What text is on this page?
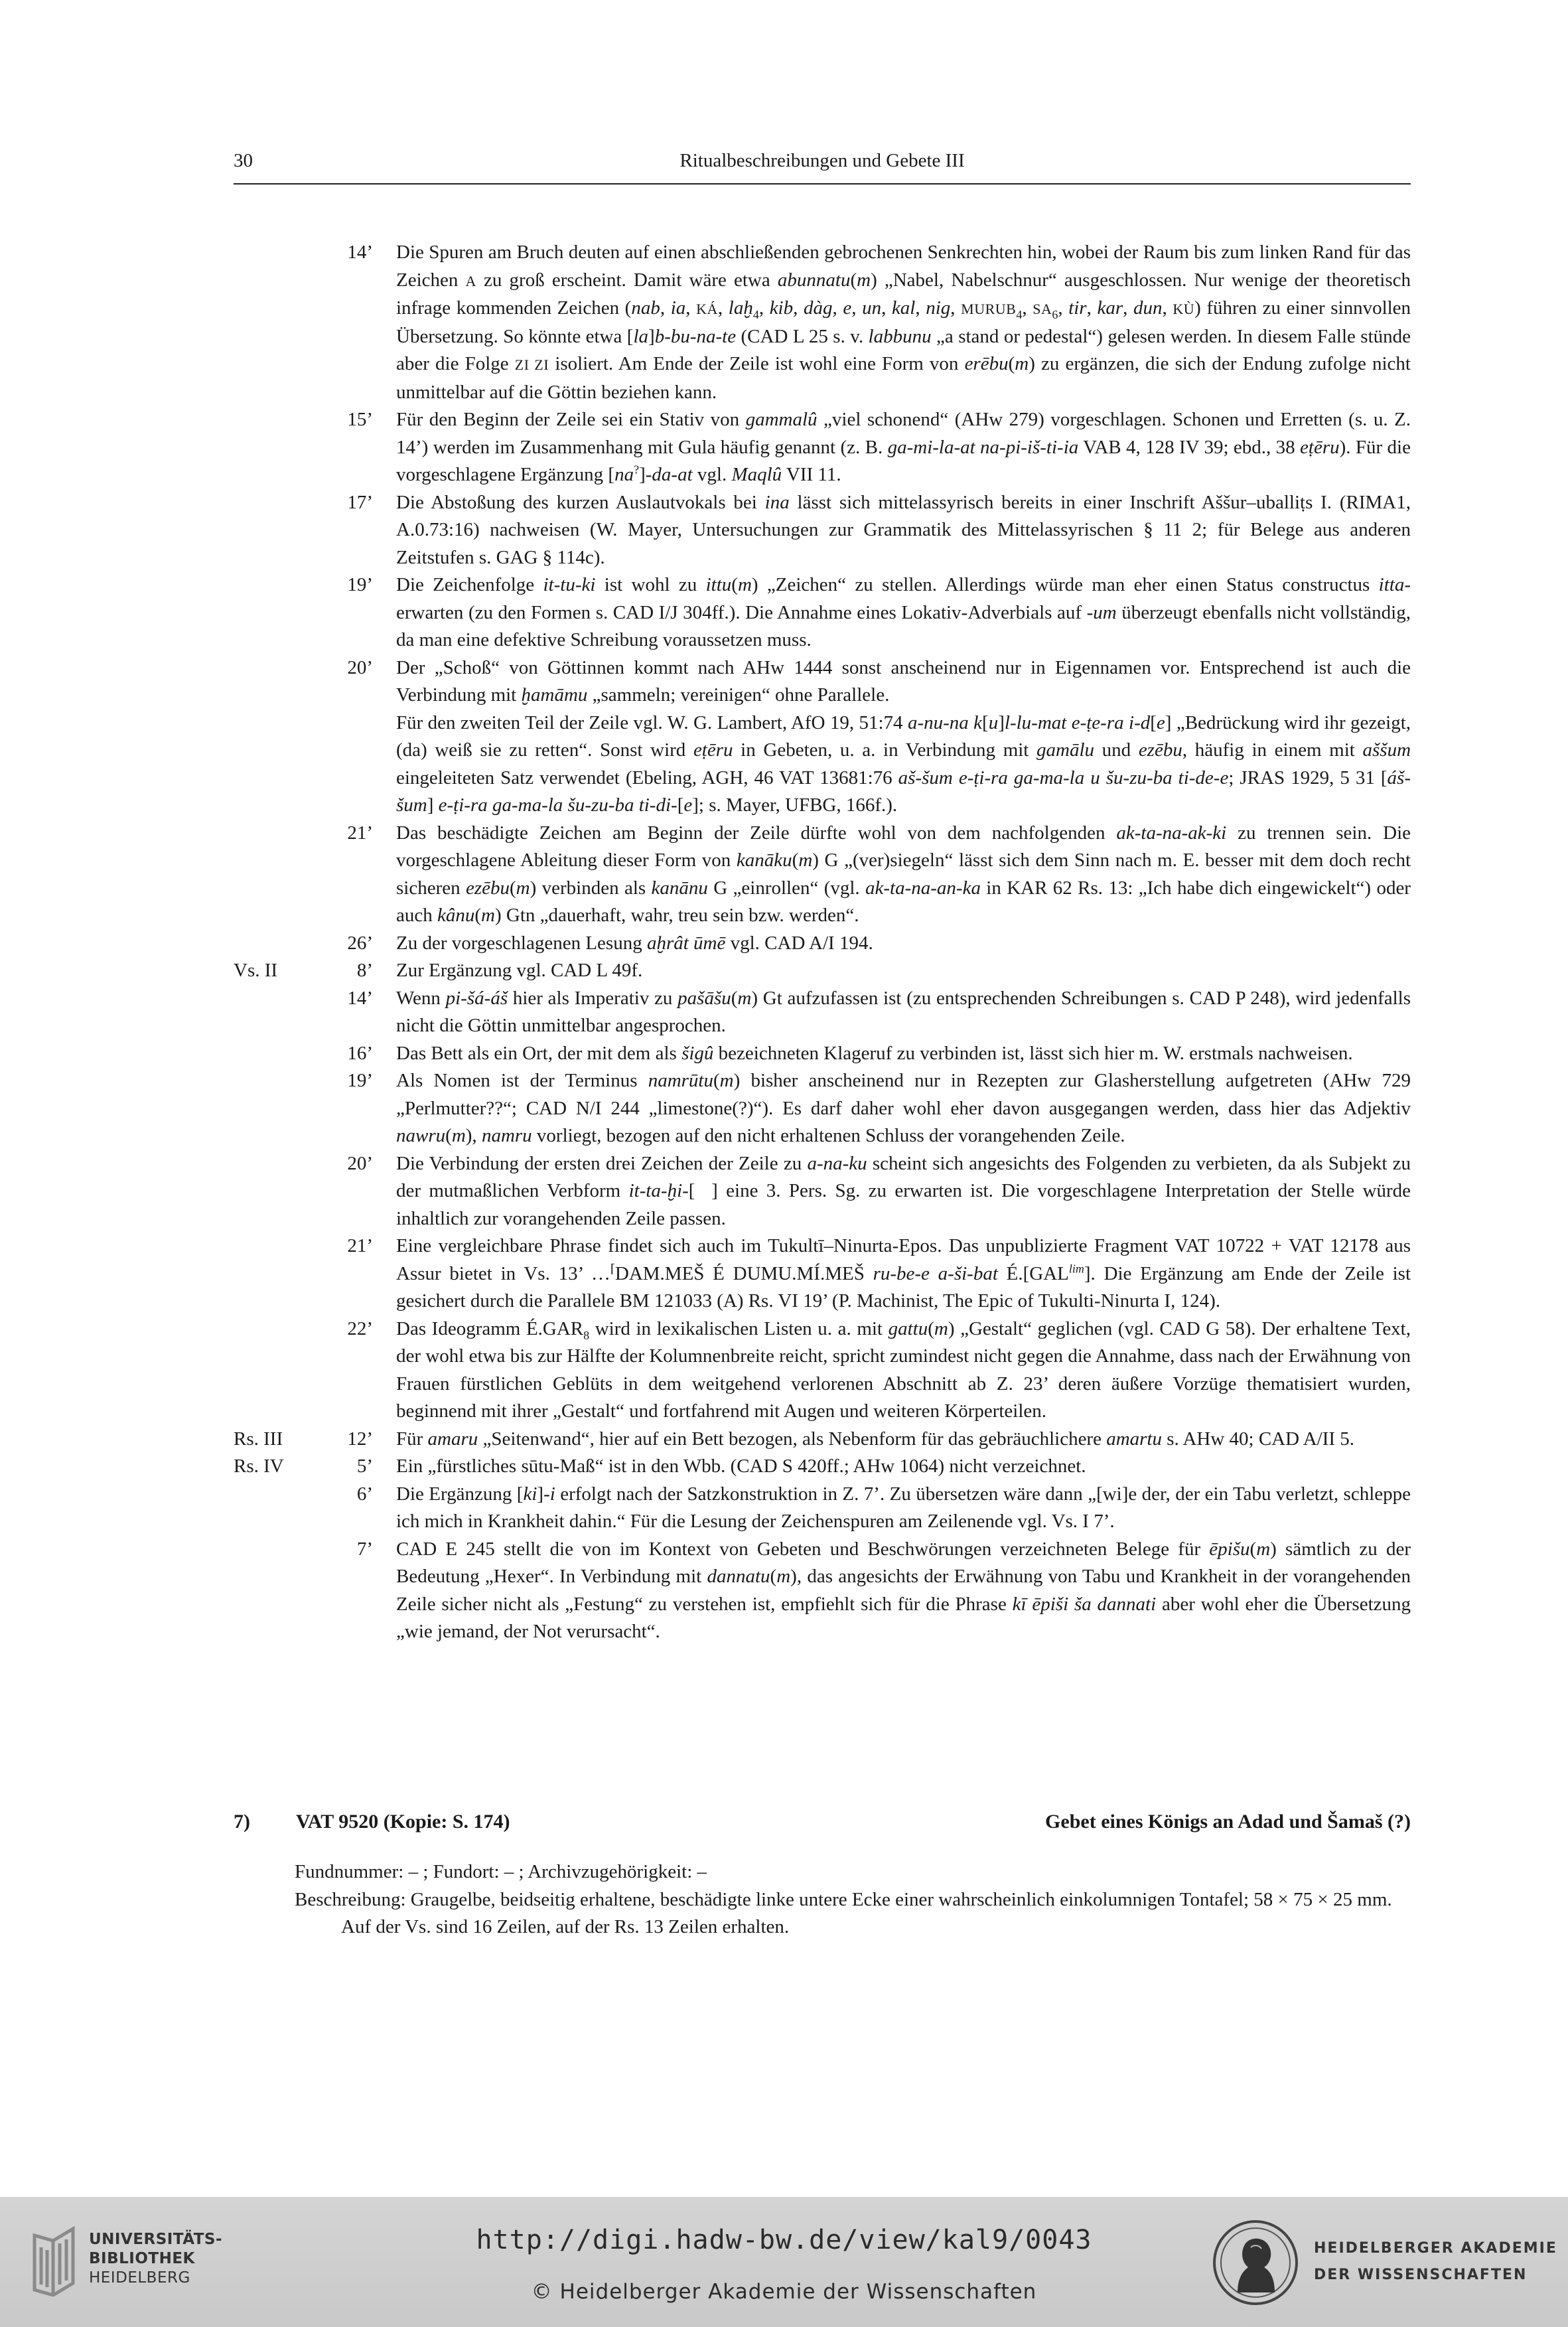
30	Ritualbeschreibungen und Gebete III
14’ Die Spuren am Bruch deuten auf einen abschließenden gebrochenen Senkrechten hin, wobei der Raum bis zum linken Rand für das Zeichen A zu groß erscheint. Damit wäre etwa abunnatu(m) „Nabel, Nabelschnur“ ausgeschlossen. Nur wenige der theoretisch infrage kommenden Zeichen (nab, ia, KÁ, laḫ$_4$, kib, dàg, e, un, kal, nig, $MURUB_4$, $SA_6$, tir, kar, dun, KÙ) führen zu einer sinnvollen Übersetzung. So könnte etwa [la]b-bu-na-te (CAD L 25 s. v. labbunu „a stand or pedestal“) gelesen werden. In diesem Falle stünde aber die Folge ZI ZI isoliert. Am Ende der Zeile ist wohl eine Form von erēbu(m) zu ergänzen, die sich der Endung zufolge nicht unmittelbar auf die Göttin beziehen kann.
15’ Für den Beginn der Zeile sei ein Stativ von gammalû „viel schonend“ (AHw 279) vorgeschlagen. Schonen und Erretten (s. u. Z. 14’) werden im Zusammenhang mit Gula häufig genannt (z. B. ga-mi-la-at na-pi-iš-ti-ia VAB 4, 128 IV 39; ebd., 38 eṭēru). Für die vorgeschlagene Ergänzung [na?]-da-at vgl. Maqlû VII 11.
17’ Die Abstoßung des kurzen Auslautvokals bei ina lässt sich mittelassyrisch bereits in einer Inschrift Aššur–uballiṭs I. (RIMA1, A.0.73:16) nachweisen (W. Mayer, Untersuchungen zur Grammatik des Mittelassyrischen § 11 2; für Belege aus anderen Zeitstufen s. GAG § 114c).
19’ Die Zeichenfolge it-tu-ki ist wohl zu ittu(m) „Zeichen“ zu stellen. Allerdings würde man eher einen Status constructus itta- erwarten (zu den Formen s. CAD I/J 304ff.). Die Annahme eines Lokativ-Adverbials auf -um überzeugt ebenfalls nicht vollständig, da man eine defektive Schreibung voraussetzen muss.
20’ Der „Schoß“ von Göttinnen kommt nach AHw 1444 sonst anscheinend nur in Eigennamen vor. Entsprechend ist auch die Verbindung mit ḫamāmu „sammeln; vereinigen“ ohne Parallele.

Für den zweiten Teil der Zeile vgl. W. G. Lambert, AfO 19, 51:74 a-nu-na k[u]l-lu-mat e-ṭe-ra i-d[e] „Bedrückung wird ihr gezeigt, (da) weiß sie zu retten“. Sonst wird eṭēru in Gebeten, u. a. in Verbindung mit gamālu und ezēbu, häufig in einem mit aššum eingeleiteten Satz verwendet (Ebeling, AGH, 46 VAT 13681:76 aš-šum e-ṭi-ra ga-ma-la u šu-zu-ba ti-de-e; JRAS 1929, 5 31 [áš-šum] e-ṭi-ra ga-ma-la šu-zu-ba ti-di-[e]; s. Mayer, UFBG, 166f.).

21’ Das beschädigte Zeichen am Beginn der Zeile dürfte wohl von dem nachfolgenden ak-ta-na-ak-ki zu trennen sein. Die vorgeschlagene Ableitung dieser Form von kanāku(m) G „(ver)siegeln“ lässt sich dem Sinn nach m. E. besser mit dem doch recht sicheren ezēbu(m) verbinden als kanānu G „einrollen“ (vgl. ak-ta-na-an-ka in KAR 62 Rs. 13: „Ich habe dich eingewickelt“) oder auch kânu(m) Gtn „dauerhaft, wahr, treu sein bzw. werden“.
26’ Zu der vorgeschlagenen Lesung aḫrât ūmē vgl. CAD A/I 194.
Vs. II	8’ Zur Ergänzung vgl. CAD L 49f.
14’ Wenn pi-šá-áš hier als Imperativ zu pašāšu(m) Gt aufzufassen ist (zu entsprechenden Schreibungen s. CAD P 248), wird jedenfalls nicht die Göttin unmittelbar angesprochen.
16’ Das Bett als ein Ort, der mit dem als šigû bezeichneten Klageruf zu verbinden ist, lässt sich hier m. W. erstmals nachweisen.
19’ Als Nomen ist der Terminus namrūtu(m) bisher anscheinend nur in Rezepten zur Glasherstellung aufgetreten (AHw 729 „Perlmutter??“; CAD N/I 244 „limestone(?)“). Es darf daher wohl eher davon ausgegangen werden, dass hier das Adjektiv nawru(m), namru vorliegt, bezogen auf den nicht erhaltenen Schluss der vorangehenden Zeile.
20’ Die Verbindung der ersten drei Zeichen der Zeile zu a-na-ku scheint sich angesichts des Folgenden zu verbieten, da als Subjekt zu der mutmaßlichen Verbform it-ta-ḫi-[  ] eine 3. Pers. Sg. zu erwarten ist. Die vorgeschlagene Interpretation der Stelle würde inhaltlich zur vorangehenden Zeile passen.
21’ Eine vergleichbare Phrase findet sich auch im Tukultī–Ninurta-Epos. Das unpublizierte Fragment VAT 10722 + VAT 12178 aus Assur bietet in Vs. 13’ …⌈DAM.MEŠ É DUMU.MÍ.MEŠ ru-be-e a-ši-bat $É.[GAL^{lim}]$. Die Ergänzung am Ende der Zeile ist gesichert durch die Parallele BM 121033 (A) Rs. VI 19’ (P. Machinist, The Epic of Tukulti-Ninurta I, 124).
22’ Das Ideogramm $É.GAR_8$ wird in lexikalischen Listen u. a. mit gattu(m) „Gestalt“ geglichen (vgl. CAD G 58). Der erhaltene Text, der wohl etwa bis zur Hälfte der Kolumnenbreite reicht, spricht zumindest nicht gegen die Annahme, dass nach der Erwähnung von Frauen fürstlichen Geblüts in dem weitgehend verlorenen Abschnitt ab Z. 23’ deren äußere Vorzüge thematisiert wurden, beginnend mit ihrer „Gestalt“ und fortfahrend mit Augen und weiteren Körperteilen.
Rs. III	12’ Für amaru „Seitenwand“, hier auf ein Bett bezogen, als Nebenform für das gebräuchlichere amartu s. AHw 40; CAD A/II 5.
Rs. IV	5’ Ein „fürstliches sūtu-Maß“ ist in den Wbb. (CAD S 420ff.; AHw 1064) nicht verzeichnet.
6’ Die Ergänzung [ki]-i erfolgt nach der Satzkonstruktion in Z. 7’. Zu übersetzen wäre dann „[wi]e der, der ein Tabu verletzt, schleppe ich mich in Krankheit dahin.“ Für die Lesung der Zeichenspuren am Zeilenende vgl. Vs. I 7’.
7’ CAD E 245 stellt die von im Kontext von Gebeten und Beschwörungen verzeichneten Belege für ēpišu(m) sämtlich zu der Bedeutung „Hexer“. In Verbindung mit dannatu(m), das angesichts der Erwähnung von Tabu und Krankheit in der vorangehenden Zeile sicher nicht als „Festung“ zu verstehen ist, empfiehlt sich für die Phrase kī ēpiši ša dannati aber wohl eher die Übersetzung „wie jemand, der Not verursacht“.
7) VAT 9520 (Kopie: S. 174)	Gebet eines Königs an Adad und Šamaš (?)

Fundnummer: – ; Fundort: – ; Archivzugehörigkeit: –

Beschreibung: Graugelbe, beidseitig erhaltene, beschädigte linke untere Ecke einer wahrscheinlich einkolumnigen Tontafel; 58 × 75 × 25 mm. Auf der Vs. sind 16 Zeilen, auf der Rs. 13 Zeilen erhalten.

UNIVERSITÄTS-
BIBLIOTHEK
HEIDELBERG
http://digi.hadw-bw.de/view/kal9/0043
© Heidelberger Akademie der Wissenschaften
HEIDELBERGER AKADEMIE
DER WISSENSCHAFTEN
